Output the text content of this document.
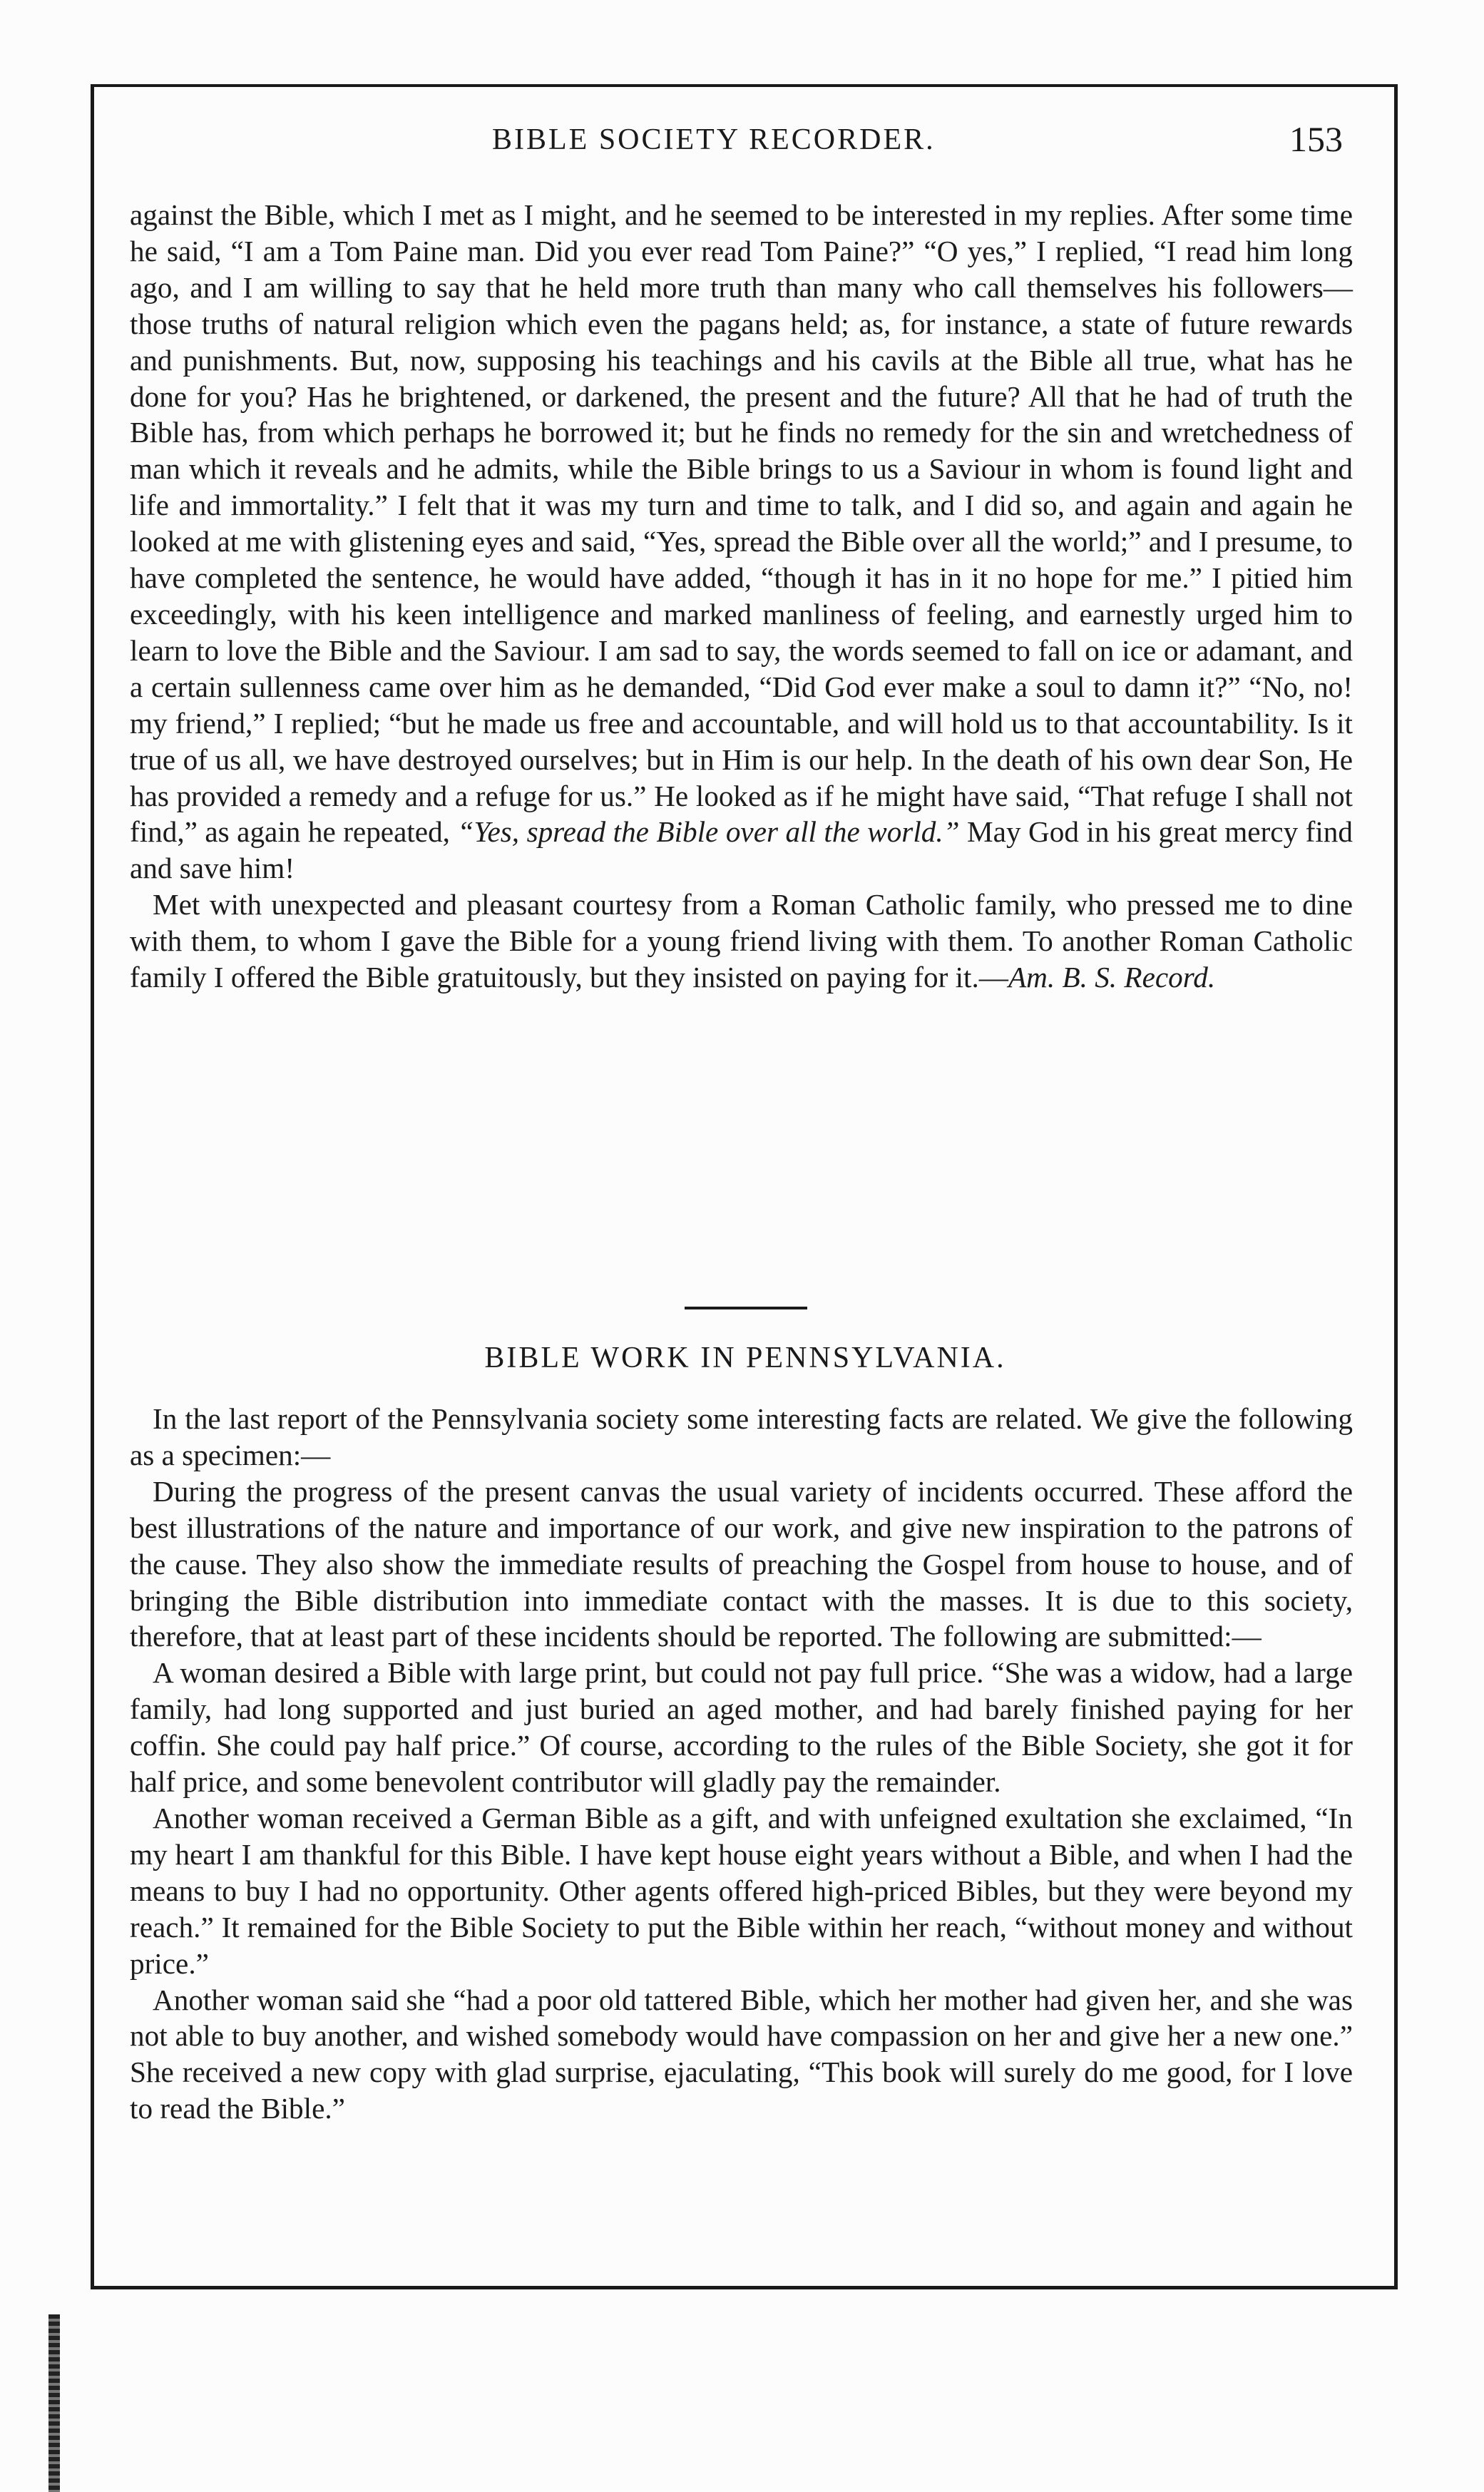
BIBLE SOCIETY RECORDER.	153

against the Bible, which I met as I might, and he seemed to be interested in my replies. After some time he said, “I am a Tom Paine man. Did you ever read Tom Paine?” “O yes,” I replied, “I read him long ago, and I am willing to say that he held more truth than many who call themselves his followers—those truths of natural religion which even the pagans held; as, for instance, a state of future rewards and punishments. But, now, supposing his teachings and his cavils at the Bible all true, what has he done for you? Has he brightened, or darkened, the present and the future? All that he had of truth the Bible has, from which perhaps he borrowed it; but he finds no remedy for the sin and wretchedness of man which it reveals and he admits, while the Bible brings to us a Saviour in whom is found light and life and immortality.” I felt that it was my turn and time to talk, and I did so, and again and again he looked at me with glistening eyes and said, “Yes, spread the Bible over all the world;” and I presume, to have completed the sentence, he would have added, “though it has in it no hope for me.” I pitied him exceedingly, with his keen intelligence and marked manliness of feeling, and earnestly urged him to learn to love the Bible and the Saviour. I am sad to say, the words seemed to fall on ice or adamant, and a certain sullenness came over him as he demanded, “Did God ever make a soul to damn it?” “No, no! my friend,” I replied; “but he made us free and accountable, and will hold us to that accountability. Is it true of us all, we have destroyed ourselves; but in Him is our help. In the death of his own dear Son, He has provided a remedy and a refuge for us.” He looked as if he might have said, “That refuge I shall not find,” as again he repeated, “Yes, spread the Bible over all the world.” May God in his great mercy find and save him!

Met with unexpected and pleasant courtesy from a Roman Catholic family, who pressed me to dine with them, to whom I gave the Bible for a young friend living with them. To another Roman Catholic family I offered the Bible gratuitously, but they insisted on paying for it.—Am. B. S. Record.

BIBLE WORK IN PENNSYLVANIA.

In the last report of the Pennsylvania society some interesting facts are related. We give the following as a specimen:—

During the progress of the present canvas the usual variety of incidents occurred. These afford the best illustrations of the nature and importance of our work, and give new inspiration to the patrons of the cause. They also show the immediate results of preaching the Gospel from house to house, and of bringing the Bible distribution into immediate contact with the masses. It is due to this society, therefore, that at least part of these incidents should be reported. The following are submitted:—

A woman desired a Bible with large print, but could not pay full price. “She was a widow, had a large family, had long supported and just buried an aged mother, and had barely finished paying for her coffin. She could pay half price.” Of course, according to the rules of the Bible Society, she got it for half price, and some benevolent contributor will gladly pay the remainder.

Another woman received a German Bible as a gift, and with unfeigned exultation she exclaimed, “In my heart I am thankful for this Bible. I have kept house eight years without a Bible, and when I had the means to buy I had no opportunity. Other agents offered high-priced Bibles, but they were beyond my reach.” It remained for the Bible Society to put the Bible within her reach, “without money and without price.”

Another woman said she “had a poor old tattered Bible, which her mother had given her, and she was not able to buy another, and wished somebody would have compassion on her and give her a new one.” She received a new copy with glad surprise, ejaculating, “This book will surely do me good, for I love to read the Bible.”
